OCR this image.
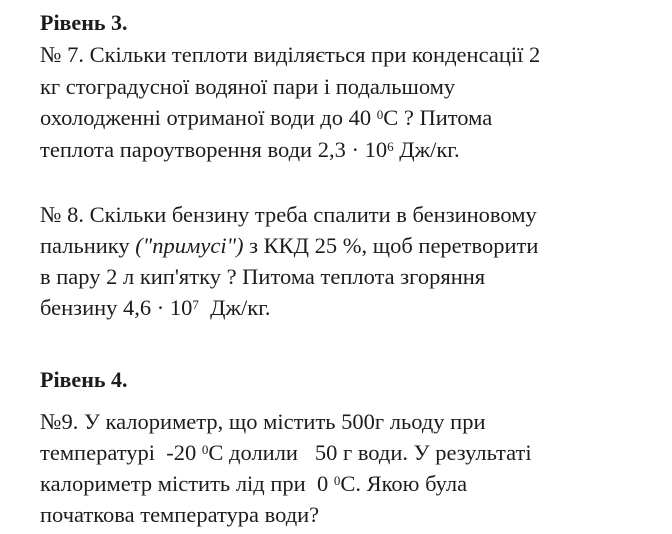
Рівень 3.
№ 7. Скільки теплоти виділяється при конденсації 2
кг стоградусної водяної пари і подальшому
охолодженні отриманої води до 40 $^0$С ? Питома
теплота пароутворення води $2,3 \cdot 10^6$ Дж/кг.
№ 8. Скільки бензину треба спалити в бензиновому
пальнику ("примусі") з ККД 25 %, щоб перетворити
в пару 2 л кип'ятку ? Питома теплота згоряння
бензину $4,6 \cdot 10^7$  Дж/кг.
Рівень 4.
№9. У калориметр, що містить 500г льоду при
температурі  -20 $^0$С долили   50 г води. У результаті
калориметр містить лід при  0 $^0$С. Якою була
початкова температура води?
